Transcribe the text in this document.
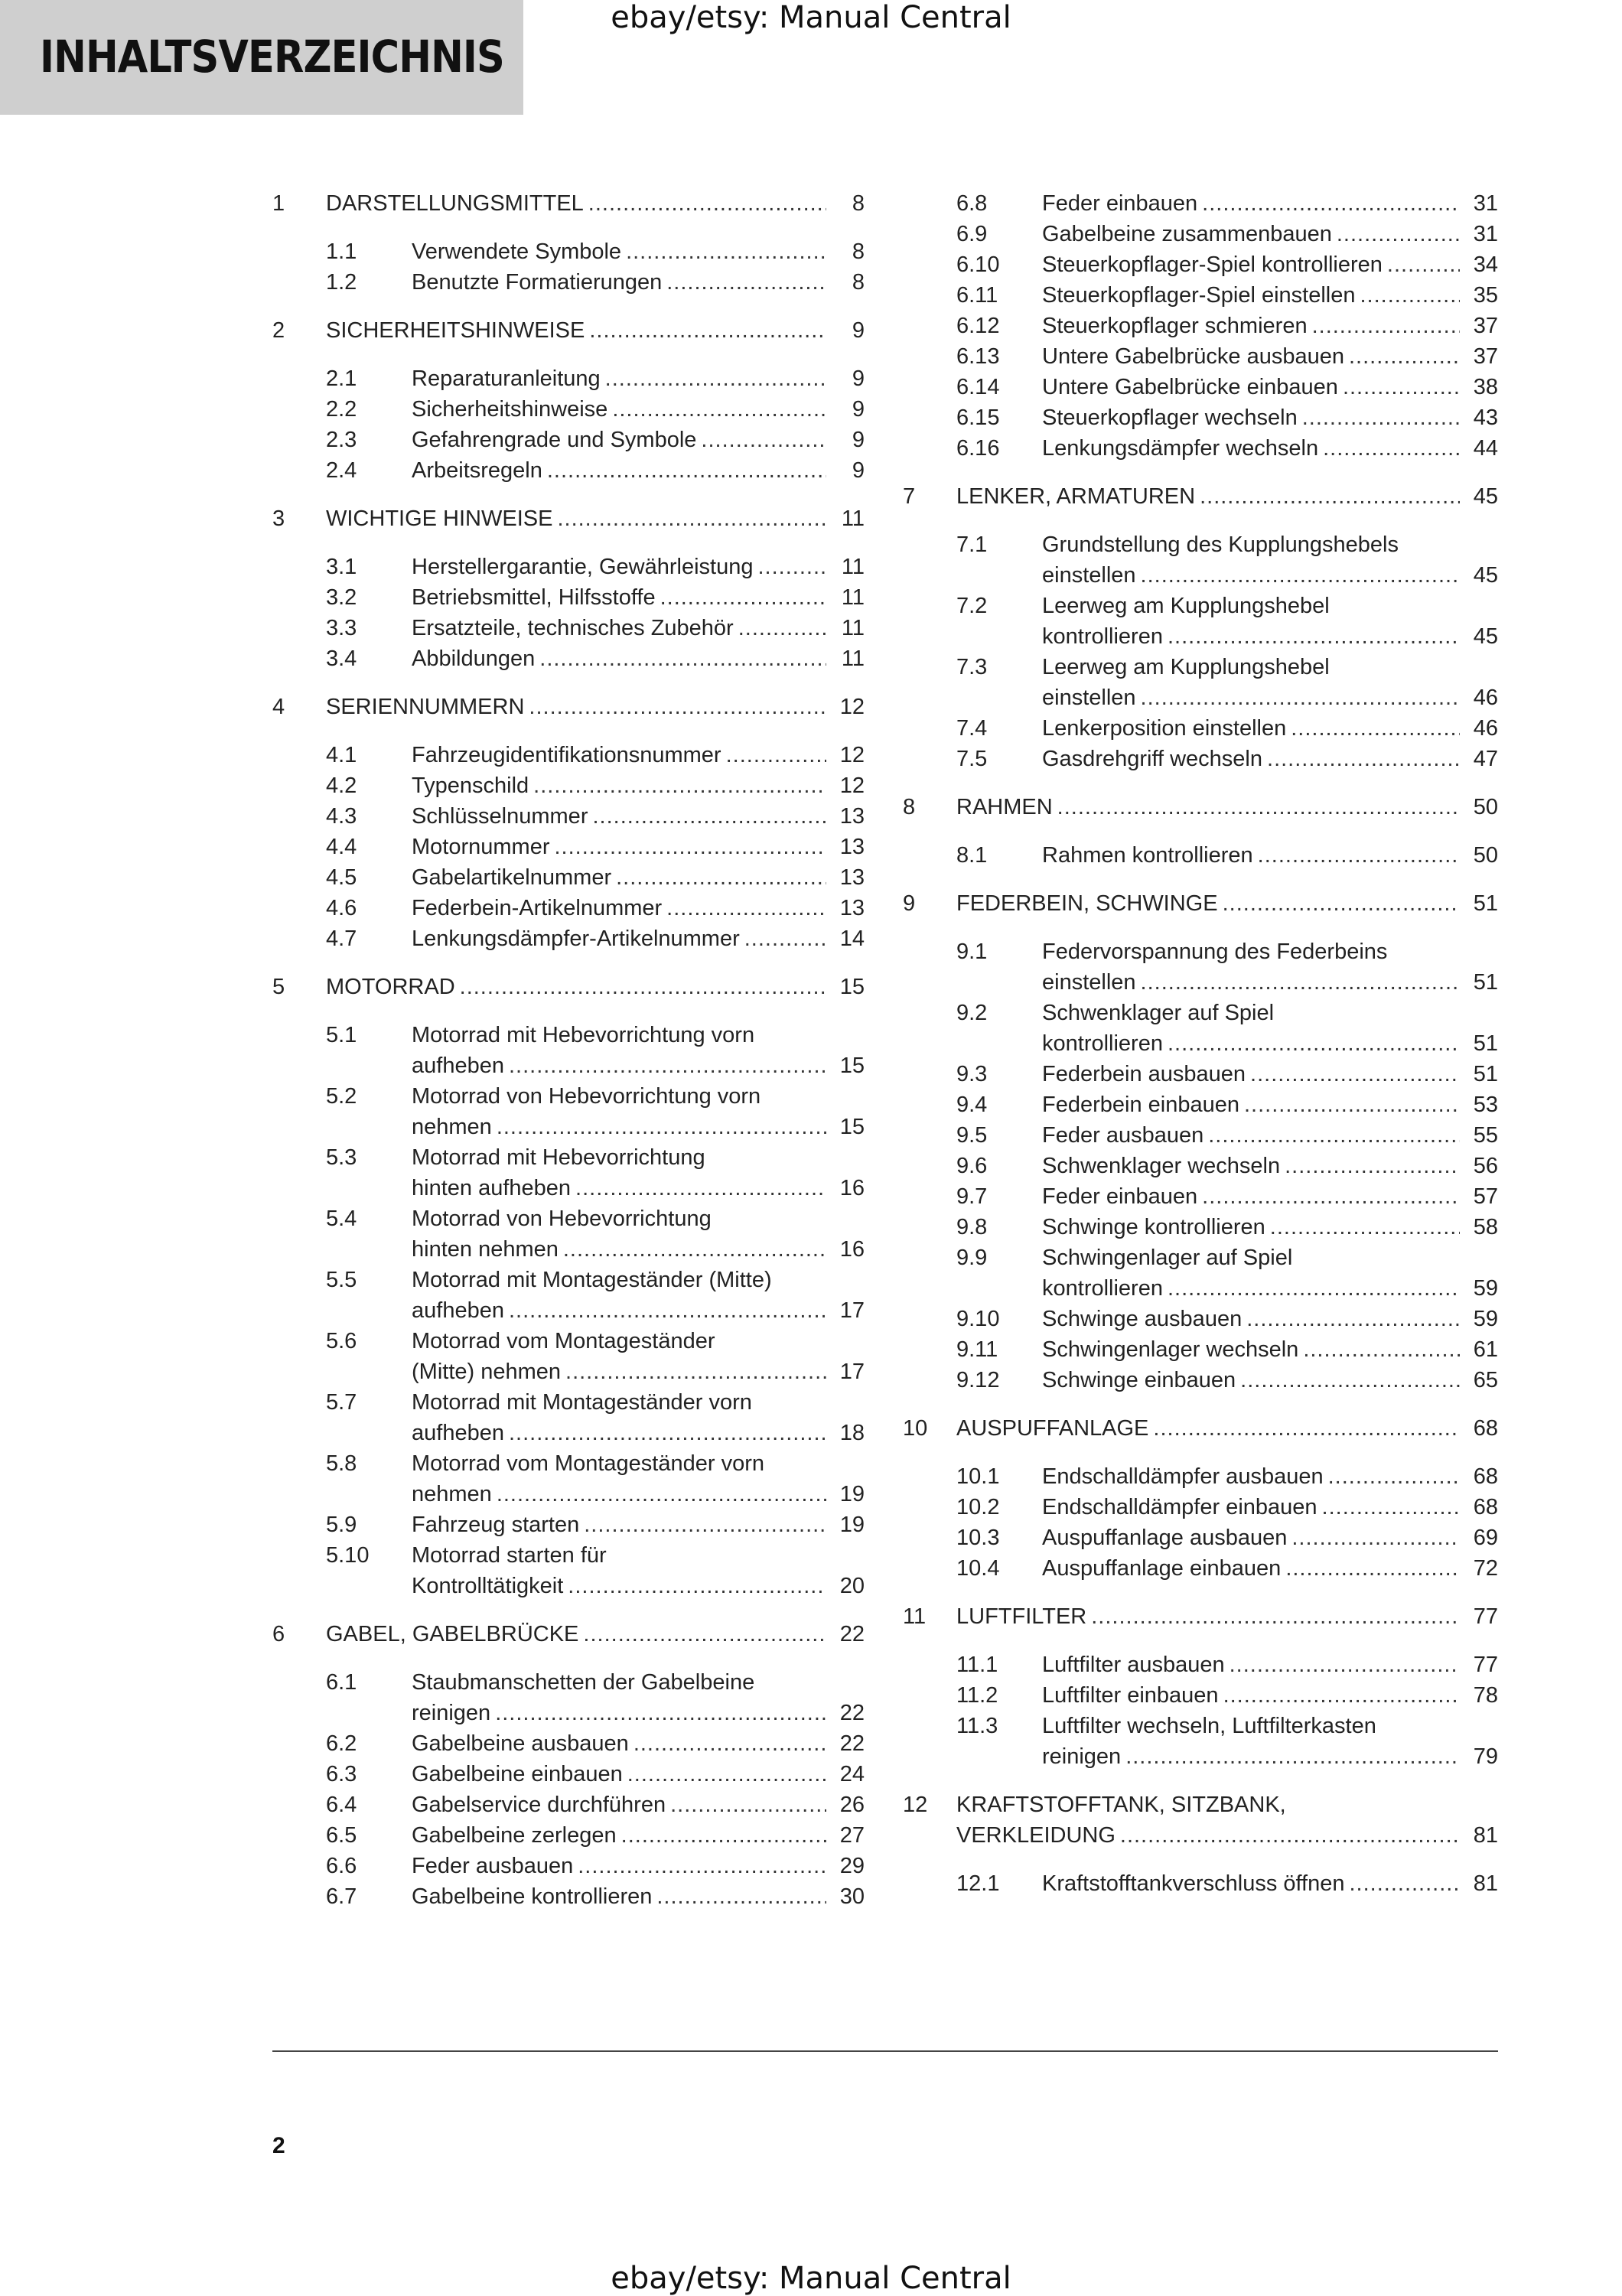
INHALTSVERZEICHNIS
ebay/etsy: Manual Central
1 DARSTELLUNGSMITTEL .....	8
1.1 Verwendete Symbole .....	8
1.2 Benutzte Formatierungen .....	8
2 SICHERHEITSHINWEISE .....	9
2.1 Reparaturanleitung .....	9
2.2 Sicherheitshinweise .....	9
2.3 Gefahrengrade und Symbole .....	9
2.4 Arbeitsregeln .....	9
3 WICHTIGE HINWEISE .....	11
3.1 Herstellergarantie, Gewährleistung .....	11
3.2 Betriebsmittel, Hilfsstoffe .....	11
3.3 Ersatzteile, technisches Zubehör .....	11
3.4 Abbildungen .....	11
4 SERIENNUMMERN .....	12
4.1 Fahrzeugidentifikationsnummer .....	12
4.2 Typenschild .....	12
4.3 Schlüsselnummer .....	13
4.4 Motornummer .....	13
4.5 Gabelartikelnummer .....	13
4.6 Federbein-Artikelnummer .....	13
4.7 Lenkungsdämpfer-Artikelnummer .....	14
5 MOTORRAD .....	15
5.1 Motorrad mit Hebevorrichtung vorn
aufheben .....	15
5.2 Motorrad von Hebevorrichtung vorn
nehmen .....	15
5.3 Motorrad mit Hebevorrichtung
hinten aufheben .....	16
5.4 Motorrad von Hebevorrichtung
hinten nehmen .....	16
5.5 Motorrad mit Montageständer (Mitte)
aufheben .....	17
5.6 Motorrad vom Montageständer
(Mitte) nehmen .....	17
5.7 Motorrad mit Montageständer vorn
aufheben .....	18
5.8 Motorrad vom Montageständer vorn
nehmen .....	19
5.9 Fahrzeug starten .....	19
5.10 Motorrad starten für
Kontrolltätigkeit .....	20
6 GABEL, GABELBRÜCKE .....	22
6.1 Staubmanschetten der Gabelbeine
reinigen .....	22
6.2 Gabelbeine ausbauen .....	22
6.3 Gabelbeine einbauen .....	24
6.4 Gabelservice durchführen .....	26
6.5 Gabelbeine zerlegen .....	27
6.6 Feder ausbauen .....	29
6.7 Gabelbeine kontrollieren .....	30
6.8 Feder einbauen .....	31
6.9 Gabelbeine zusammenbauen .....	31
6.10 Steuerkopflager-Spiel kontrollieren .....	34
6.11 Steuerkopflager-Spiel einstellen .....	35
6.12 Steuerkopflager schmieren .....	37
6.13 Untere Gabelbrücke ausbauen .....	37
6.14 Untere Gabelbrücke einbauen .....	38
6.15 Steuerkopflager wechseln .....	43
6.16 Lenkungsdämpfer wechseln .....	44
7 LENKER, ARMATUREN .....	45
7.1 Grundstellung des Kupplungshebels
einstellen .....	45
7.2 Leerweg am Kupplungshebel
kontrollieren .....	45
7.3 Leerweg am Kupplungshebel
einstellen .....	46
7.4 Lenkerposition einstellen .....	46
7.5 Gasdrehgriff wechseln .....	47
8 RAHMEN .....	50
8.1 Rahmen kontrollieren .....	50
9 FEDERBEIN, SCHWINGE .....	51
9.1 Federvorspannung des Federbeins
einstellen .....	51
9.2 Schwenklager auf Spiel
kontrollieren .....	51
9.3 Federbein ausbauen .....	51
9.4 Federbein einbauen .....	53
9.5 Feder ausbauen .....	55
9.6 Schwenklager wechseln .....	56
9.7 Feder einbauen .....	57
9.8 Schwinge kontrollieren .....	58
9.9 Schwingenlager auf Spiel
kontrollieren .....	59
9.10 Schwinge ausbauen .....	59
9.11 Schwingenlager wechseln .....	61
9.12 Schwinge einbauen .....	65
10 AUSPUFFANLAGE .....	68
10.1 Endschalldämpfer ausbauen .....	68
10.2 Endschalldämpfer einbauen .....	68
10.3 Auspuffanlage ausbauen .....	69
10.4 Auspuffanlage einbauen .....	72
11 LUFTFILTER .....	77
11.1 Luftfilter ausbauen .....	77
11.2 Luftfilter einbauen .....	78
11.3 Luftfilter wechseln, Luftfilterkasten
reinigen .....	79
12 KRAFTSTOFFTANK, SITZBANK,
VERKLEIDUNG .....	81
12.1 Kraftstofftankverschluss öffnen .....	81
2
ebay/etsy: Manual Central
